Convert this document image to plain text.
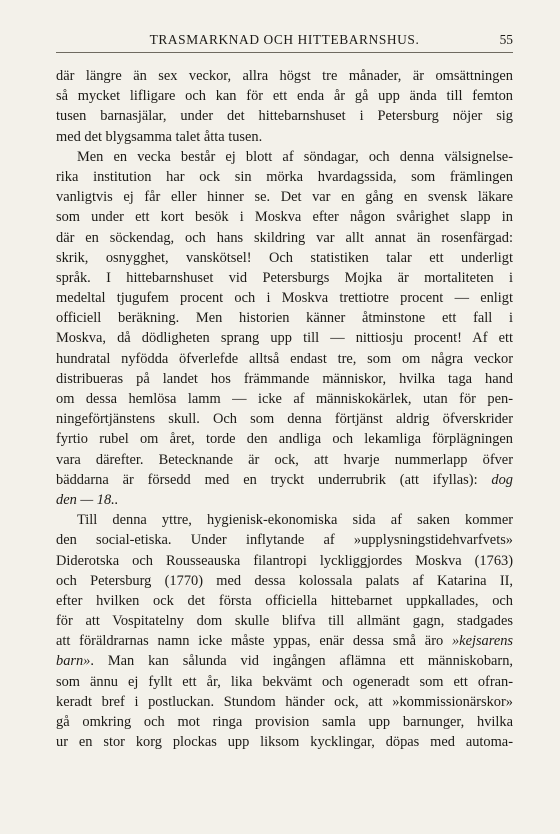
TRASMARKNAD OCH HITTEBARNSHUS.	55
där längre än sex veckor, allra högst tre månader, är omsättningen
så mycket lifligare och kan för ett enda år gå upp ända till femton
tusen barnasjälar, under det hittebarnshuset i Petersburg nöjer sig
med det blygsamma talet åtta tusen.
Men en vecka består ej blott af söndagar, och denna välsignelse-
rika institution har ock sin mörka hvardagssida, som främlingen
vanligtvis ej får eller hinner se. Det var en gång en svensk läkare
som under ett kort besök i Moskva efter någon svårighet slapp in
där en söckendag, och hans skildring var allt annat än rosenfärgad:
skrik, osnygghet, vanskötsel! Och statistiken talar ett underligt
språk. I hittebarnshuset vid Petersburgs Mojka är mortaliteten i
medeltal tjugufem procent och i Moskva trettiotre procent — enligt
officiell beräkning. Men historien känner åtminstone ett fall i
Moskva, då dödligheten sprang upp till — nittiosju procent! Af ett
hundratal nyfödda öfverlefde alltså endast tre, som om några veckor
distribueras på landet hos främmande människor, hvilka taga hand
om dessa hemlösa lamm — icke af människokärlek, utan för pen-
ningeförtjänstens skull. Och som denna förtjänst aldrig öfverskrider
fyrtio rubel om året, torde den andliga och lekamliga förplägningen
vara därefter. Betecknande är ock, att hvarje nummerlapp öfver
bäddarna är försedd med en tryckt underrubrik (att ifyllas): dog
den — 18..
Till denna yttre, hygienisk-ekonomiska sida af saken kommer
den social-etiska. Under inflytande af »upplysningstidehvarfvets»
Diderotska och Rousseauska filantropi lyckliggjordes Moskva (1763)
och Petersburg (1770) med dessa kolossala palats af Katarina II,
efter hvilken ock det första officiella hittebarnet uppkallades, och
för att Vospitatelny dom skulle blifva till allmänt gagn, stadgades
att föräldrarnas namn icke måste yppas, enär dessa små äro »kejsarens
barn». Man kan sålunda vid ingången aflämna ett människobarn,
som ännu ej fyllt ett år, lika bekvämt och ogeneradt som ett ofran-
keradt bref i postluckan. Stundom händer ock, att »kommissionärskor»
gå omkring och mot ringa provision samla upp barnunger, hvilka
ur en stor korg plockas upp liksom kycklingar, döpas med automa-
